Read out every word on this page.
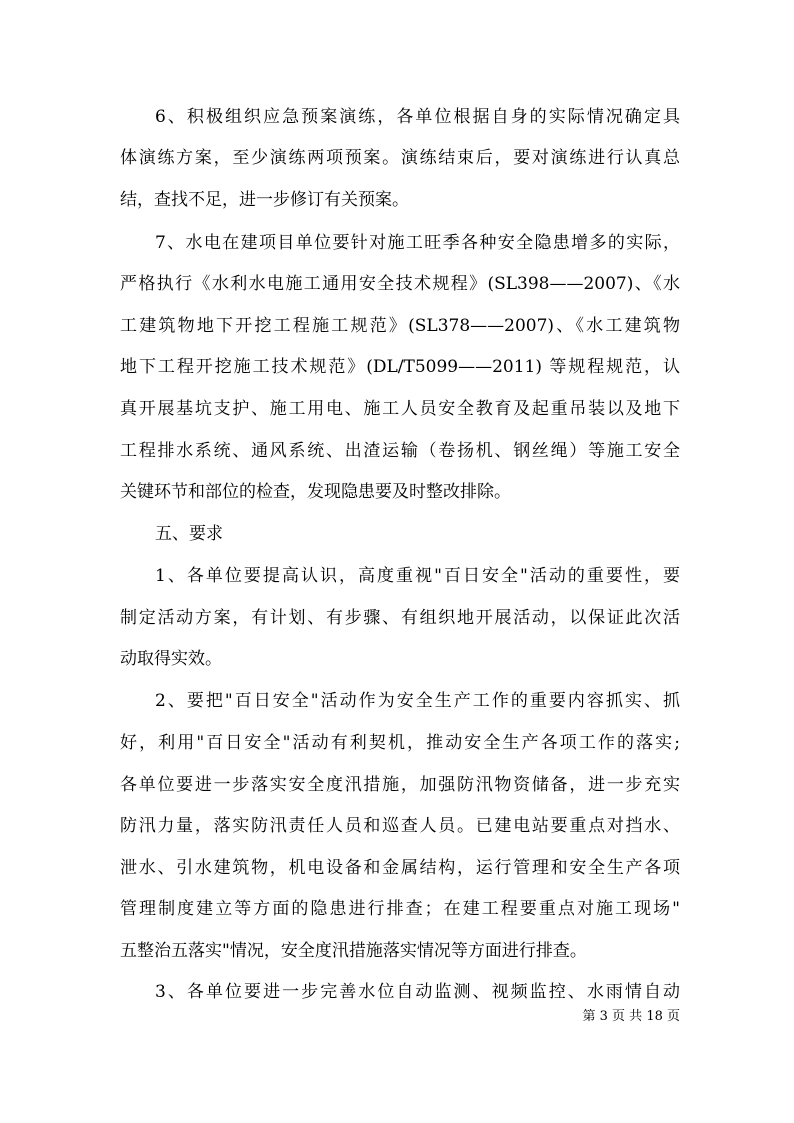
6、积极组织应急预案演练，各单位根据自身的实际情况确定具
体演练方案，至少演练两项预案。演练结束后，要对演练进行认真总
结，查找不足，进一步修订有关预案。
7、水电在建项目单位要针对施工旺季各种安全隐患增多的实际，
严格执行《水利水电施工通用安全技术规程》(SL398——2007)、《水
工建筑物地下开挖工程施工规范》(SL378——2007)、《水工建筑物
地下工程开挖施工技术规范》(DL/T5099——2011) 等规程规范，认
真开展基坑支护、施工用电、施工人员安全教育及起重吊装以及地下
工程排水系统、通风系统、出渣运输（卷扬机、钢丝绳）等施工安全
关键环节和部位的检查，发现隐患要及时整改排除。
五、要求
1、各单位要提高认识，高度重视"百日安全"活动的重要性，要
制定活动方案，有计划、有步骤、有组织地开展活动，以保证此次活
动取得实效。
2、要把"百日安全"活动作为安全生产工作的重要内容抓实、抓
好，利用"百日安全"活动有利契机，推动安全生产各项工作的落实;
各单位要进一步落实安全度汛措施，加强防汛物资储备，进一步充实
防汛力量，落实防汛责任人员和巡查人员。已建电站要重点对挡水、
泄水、引水建筑物，机电设备和金属结构，运行管理和安全生产各项
管理制度建立等方面的隐患进行排查；在建工程要重点对施工现场"
五整治五落实"情况，安全度汛措施落实情况等方面进行排查。
3、各单位要进一步完善水位自动监测、视频监控、水雨情自动
第 3 页 共 18 页
